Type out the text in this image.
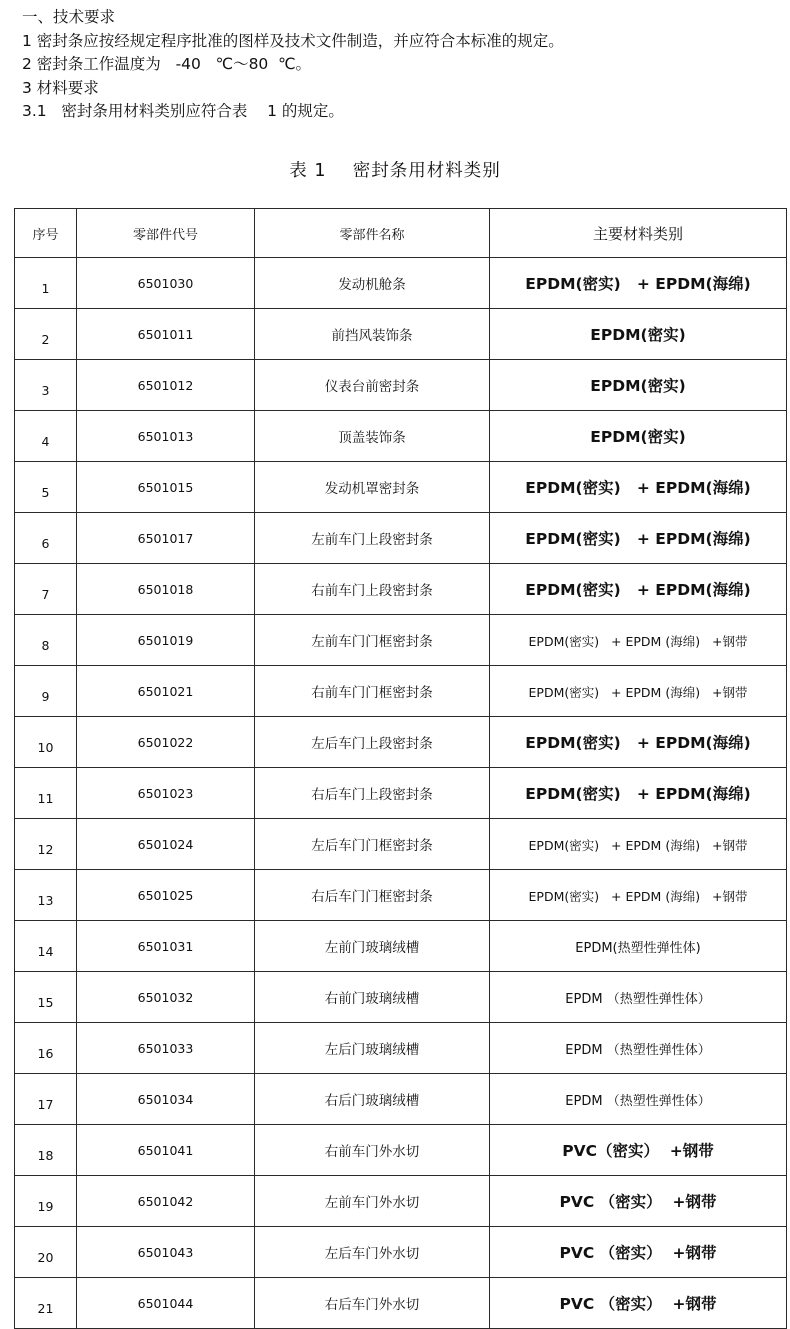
一、技术要求
1 密封条应按经规定程序批准的图样及技术文件制造，并应符合本标准的规定。
2 密封条工作温度为   -40   ℃～80  ℃。
3 材料要求
3.1   密封条用材料类别应符合表    1 的规定。
表 1    密封条用材料类别
序号	零部件代号	零部件名称	主要材料类别
1	6501030	发动机舱条	EPDM(密实)   + EPDM(海绵)
2	6501011	前挡风装饰条	EPDM(密实)
3	6501012	仪表台前密封条	EPDM(密实)
4	6501013	顶盖装饰条	EPDM(密实)
5	6501015	发动机罩密封条	EPDM(密实)   + EPDM(海绵)
6	6501017	左前车门上段密封条	EPDM(密实)   + EPDM(海绵)
7	6501018	右前车门上段密封条	EPDM(密实)   + EPDM(海绵)
8	6501019	左前车门门框密封条	EPDM(密实)   + EPDM (海绵)   +钢带
9	6501021	右前车门门框密封条	EPDM(密实)   + EPDM (海绵)   +钢带
10	6501022	左后车门上段密封条	EPDM(密实)   + EPDM(海绵)
11	6501023	右后车门上段密封条	EPDM(密实)   + EPDM(海绵)
12	6501024	左后车门门框密封条	EPDM(密实)   + EPDM (海绵)   +钢带
13	6501025	右后车门门框密封条	EPDM(密实)   + EPDM (海绵)   +钢带
14	6501031	左前门玻璃绒槽	EPDM(热塑性弹性体)
15	6501032	右前门玻璃绒槽	EPDM （热塑性弹性体）
16	6501033	左后门玻璃绒槽	EPDM （热塑性弹性体）
17	6501034	右后门玻璃绒槽	EPDM （热塑性弹性体）
18	6501041	右前车门外水切	PVC（密实）  +钢带
19	6501042	左前车门外水切	PVC （密实）  +钢带
20	6501043	左后车门外水切	PVC （密实）  +钢带
21	6501044	右后车门外水切	PVC （密实）  +钢带
